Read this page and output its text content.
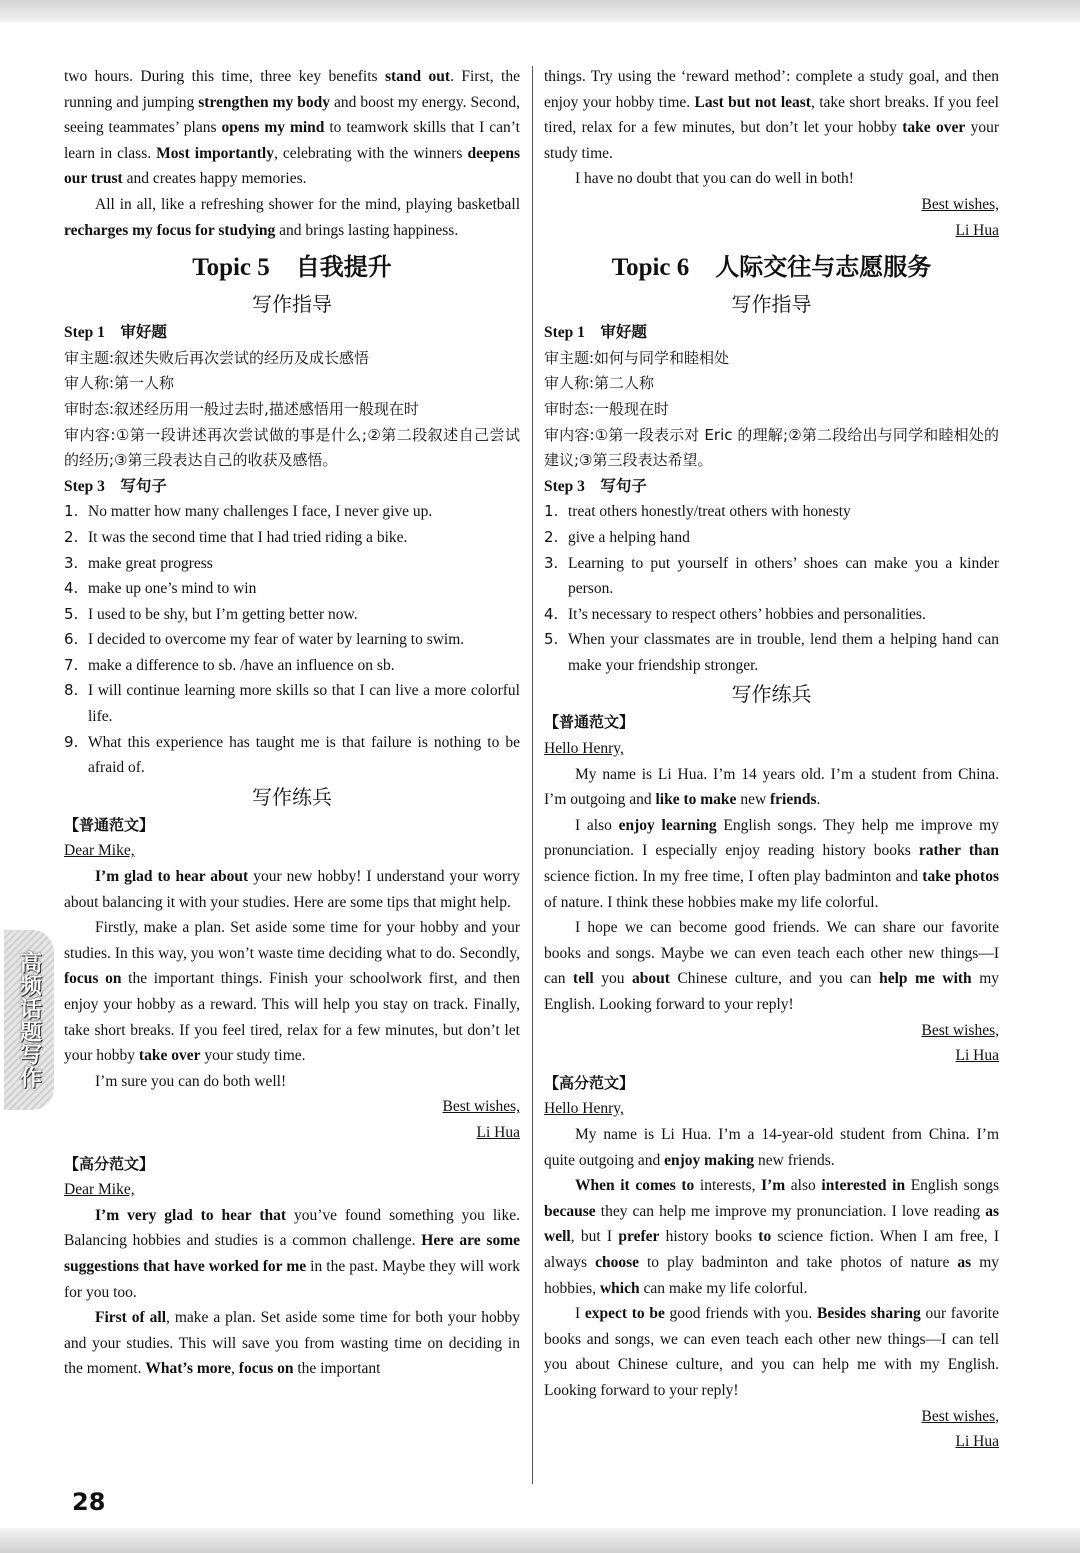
two hours. During this time, three key benefits stand out. First, the running and jumping strengthen my body and boost my energy. Second, seeing teammates’ plans opens my mind to teamwork skills that I can’t learn in class. Most importantly, celebrating with the winners deepens our trust and creates happy memories.

All in all, like a refreshing shower for the mind, playing basketball recharges my focus for studying and brings lasting happiness.

Topic 5 自我提升
写作指导
Step 1　审好题
审主题:叙述失败后再次尝试的经历及成长感悟
审人称:第一人称
审时态:叙述经历用一般过去时,描述感悟用一般现在时
审内容:①第一段讲述再次尝试做的事是什么;②第二段叙述自己尝试的经历;③第三段表达自己的收获及感悟。
Step 3　写句子
1. No matter how many challenges I face, I never give up.
2. It was the second time that I had tried riding a bike.
3. make great progress
4. make up one’s mind to win
5. I used to be shy, but I’m getting better now.
6. I decided to overcome my fear of water by learning to swim.
7. make a difference to sb. /have an influence on sb.
8. I will continue learning more skills so that I can live a more colorful life.
9. What this experience has taught me is that failure is nothing to be afraid of.
写作练兵
【普通范文】
Dear Mike,

I’m glad to hear about your new hobby! I understand your worry about balancing it with your studies. Here are some tips that might help.

Firstly, make a plan. Set aside some time for your hobby and your studies. In this way, you won’t waste time deciding what to do. Secondly, focus on the important things. Finish your schoolwork first, and then enjoy your hobby as a reward. This will help you stay on track. Finally, take short breaks. If you feel tired, relax for a few minutes, but don’t let your hobby take over your study time.

I’m sure you can do both well!

Best wishes,
Li Hua
【高分范文】
Dear Mike,

I’m very glad to hear that you’ve found something you like. Balancing hobbies and studies is a common challenge. Here are some suggestions that have worked for me in the past. Maybe they will work for you too.

First of all, make a plan. Set aside some time for both your hobby and your studies. This will save you from wasting time on deciding in the moment. What’s more, focus on the important

things. Try using the ‘reward method’: complete a study goal, and then enjoy your hobby time. Last but not least, take short breaks. If you feel tired, relax for a few minutes, but don’t let your hobby take over your study time.

I have no doubt that you can do well in both!

Best wishes,
Li Hua
Topic 6 人际交往与志愿服务
写作指导
Step 1　审好题
审主题:如何与同学和睦相处
审人称:第二人称
审时态:一般现在时
审内容:①第一段表示对 Eric 的理解;②第二段给出与同学和睦相处的建议;③第三段表达希望。
Step 3　写句子
1. treat others honestly/treat others with honesty
2. give a helping hand
3. Learning to put yourself in others’ shoes can make you a kinder person.
4. It’s necessary to respect others’ hobbies and personalities.
5. When your classmates are in trouble, lend them a helping hand can make your friendship stronger.
写作练兵
【普通范文】
Hello Henry,

My name is Li Hua. I’m 14 years old. I’m a student from China. I’m outgoing and like to make new friends.

I also enjoy learning English songs. They help me improve my pronunciation. I especially enjoy reading history books rather than science fiction. In my free time, I often play badminton and take photos of nature. I think these hobbies make my life colorful.

I hope we can become good friends. We can share our favorite books and songs. Maybe we can even teach each other new things—I can tell you about Chinese culture, and you can help me with my English. Looking forward to your reply!

Best wishes,
Li Hua
【高分范文】
Hello Henry,

My name is Li Hua. I’m a 14-year-old student from China. I’m quite outgoing and enjoy making new friends.

When it comes to interests, I’m also interested in English songs because they can help me improve my pronunciation. I love reading as well, but I prefer history books to science fiction. When I am free, I always choose to play badminton and take photos of nature as my hobbies, which can make my life colorful.

I expect to be good friends with you. Besides sharing our favorite books and songs, we can even teach each other new things—I can tell you about Chinese culture, and you can help me with my English. Looking forward to your reply!

Best wishes,
Li Hua
高频话题写作
28
